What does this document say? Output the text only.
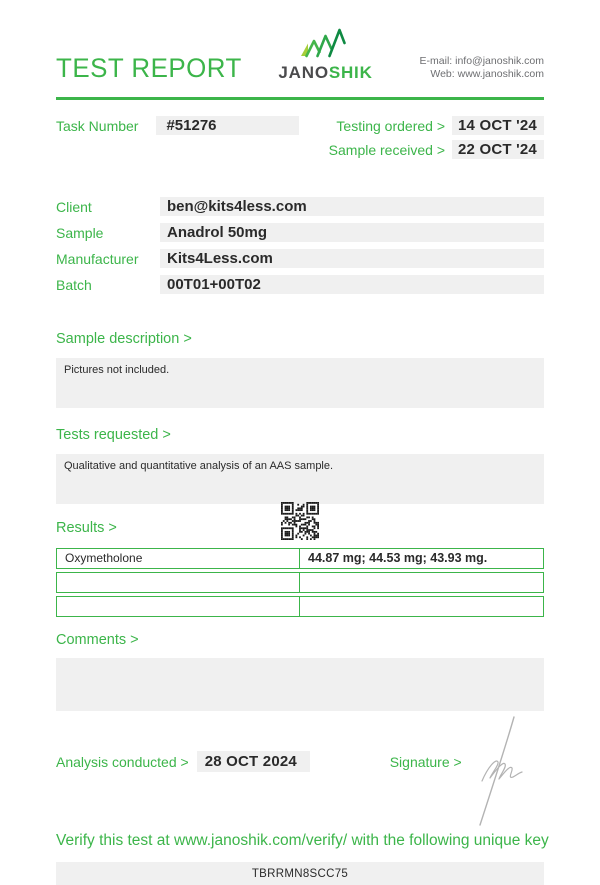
TEST REPORT JANOSHIK
E-mail: info@janoshik.com
Web: www.janoshik.com
Task Number	#51276	Testing ordered > 14 OCT '24
Sample received > 22 OCT '24
Client	ben@kits4less.com
Sample	Anadrol 50mg
Manufacturer	Kits4Less.com
Batch	00T01+00T02
Sample description >
Pictures not included.
Tests requested >
Qualitative and quantitative analysis of an AAS sample.
Results >
Oxymetholone	44.87 mg; 44.53 mg; 43.93 mg.
Comments >
Analysis conducted >	28 OCT 2024	Signature >
Verify this test at www.janoshik.com/verify/ with the following unique key
TBRRMN8SCC75
